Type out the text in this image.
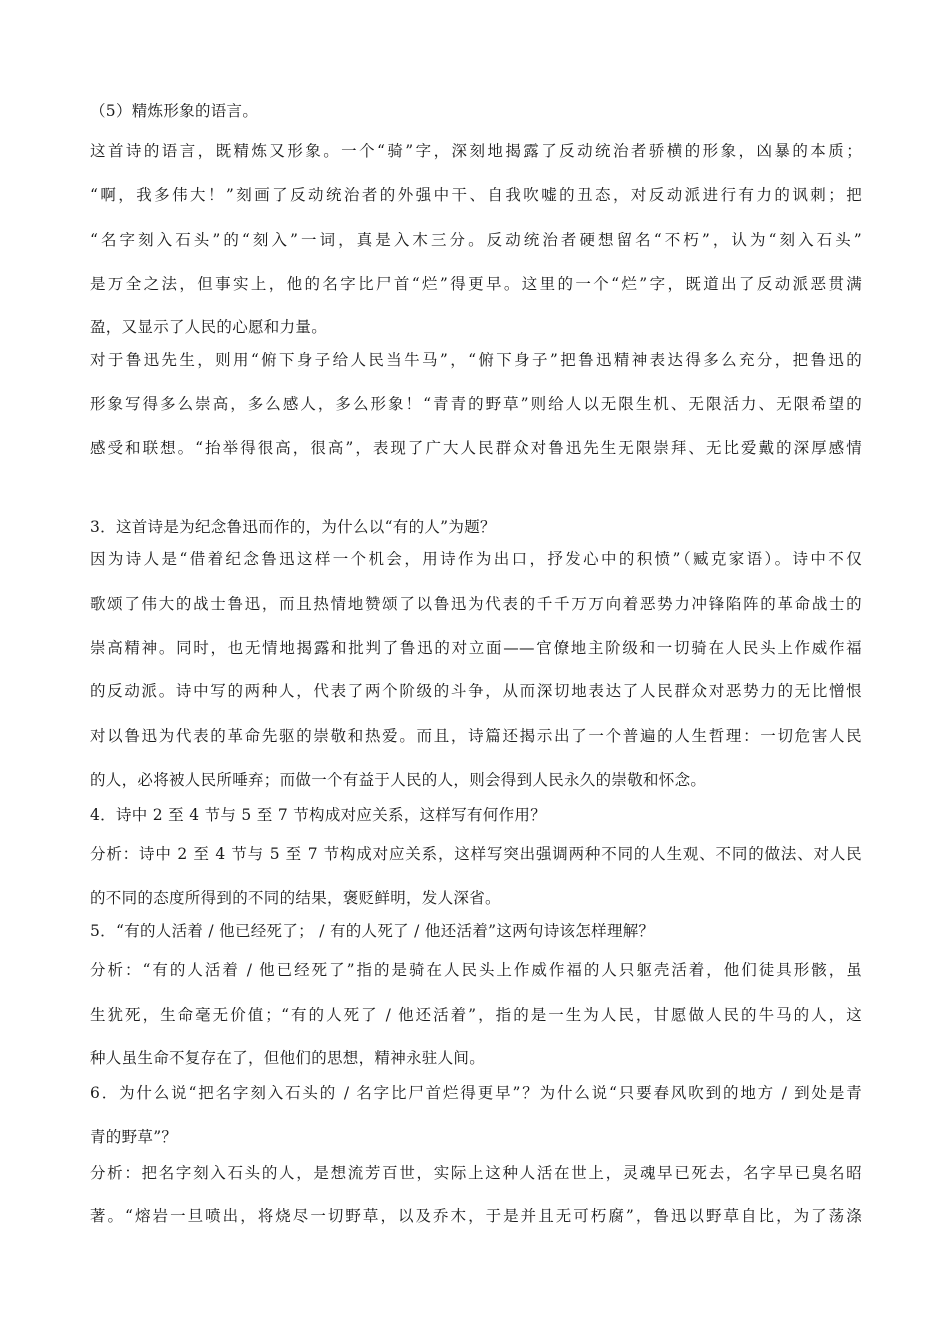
（5）精炼形象的语言。
这首诗的语言，既精炼又形象。一个“骑”字，深刻地揭露了反动统治者骄横的形象，凶暴的本质；
“啊，我多伟大！”刻画了反动统治者的外强中干、自我吹嘘的丑态，对反动派进行有力的讽刺；把
“名字刻入石头”的“刻入”一词，真是入木三分。反动统治者硬想留名“不朽”，认为“刻入石头”
是万全之法，但事实上，他的名字比尸首“烂”得更早。这里的一个“烂”字，既道出了反动派恶贯满
盈，又显示了人民的心愿和力量。
对于鲁迅先生，则用“俯下身子给人民当牛马”，“俯下身子”把鲁迅精神表达得多么充分，把鲁迅的
形象写得多么崇高，多么感人，多么形象！“青青的野草”则给人以无限生机、无限活力、无限希望的
感受和联想。“抬举得很高，很高”，表现了广大人民群众对鲁迅先生无限崇拜、无比爱戴的深厚感情
3．这首诗是为纪念鲁迅而作的，为什么以“有的人”为题？
因为诗人是“借着纪念鲁迅这样一个机会，用诗作为出口，抒发心中的积愤”（臧克家语）。诗中不仅
歌颂了伟大的战士鲁迅，而且热情地赞颂了以鲁迅为代表的千千万万向着恶势力冲锋陷阵的革命战士的
崇高精神。同时，也无情地揭露和批判了鲁迅的对立面——官僚地主阶级和一切骑在人民头上作威作福
的反动派。诗中写的两种人，代表了两个阶级的斗争，从而深切地表达了人民群众对恶势力的无比憎恨
对以鲁迅为代表的革命先驱的崇敬和热爱。而且，诗篇还揭示出了一个普遍的人生哲理：一切危害人民
的人，必将被人民所唾弃；而做一个有益于人民的人，则会得到人民永久的崇敬和怀念。
4．诗中 2 至 4 节与 5 至 7 节构成对应关系，这样写有何作用？
分析：诗中 2 至 4 节与 5 至 7 节构成对应关系，这样写突出强调两种不同的人生观、不同的做法、对人民
的不同的态度所得到的不同的结果，褒贬鲜明，发人深省。
5．“有的人活着 / 他已经死了； / 有的人死了 / 他还活着”这两句诗该怎样理解？
分析：“有的人活着 / 他已经死了”指的是骑在人民头上作威作福的人只躯壳活着，他们徒具形骸，虽
生犹死，生命毫无价值；“有的人死了 / 他还活着”，指的是一生为人民，甘愿做人民的牛马的人，这
种人虽生命不复存在了，但他们的思想，精神永驻人间。
6．为什么说“把名字刻入石头的 / 名字比尸首烂得更早”？为什么说“只要春风吹到的地方 / 到处是青
青的野草”？
分析：把名字刻入石头的人，是想流芳百世，实际上这种人活在世上，灵魂早已死去，名字早已臭名昭
著。“熔岩一旦喷出，将烧尽一切野草，以及乔木，于是并且无可朽腐”，鲁迅以野草自比，为了荡涤
